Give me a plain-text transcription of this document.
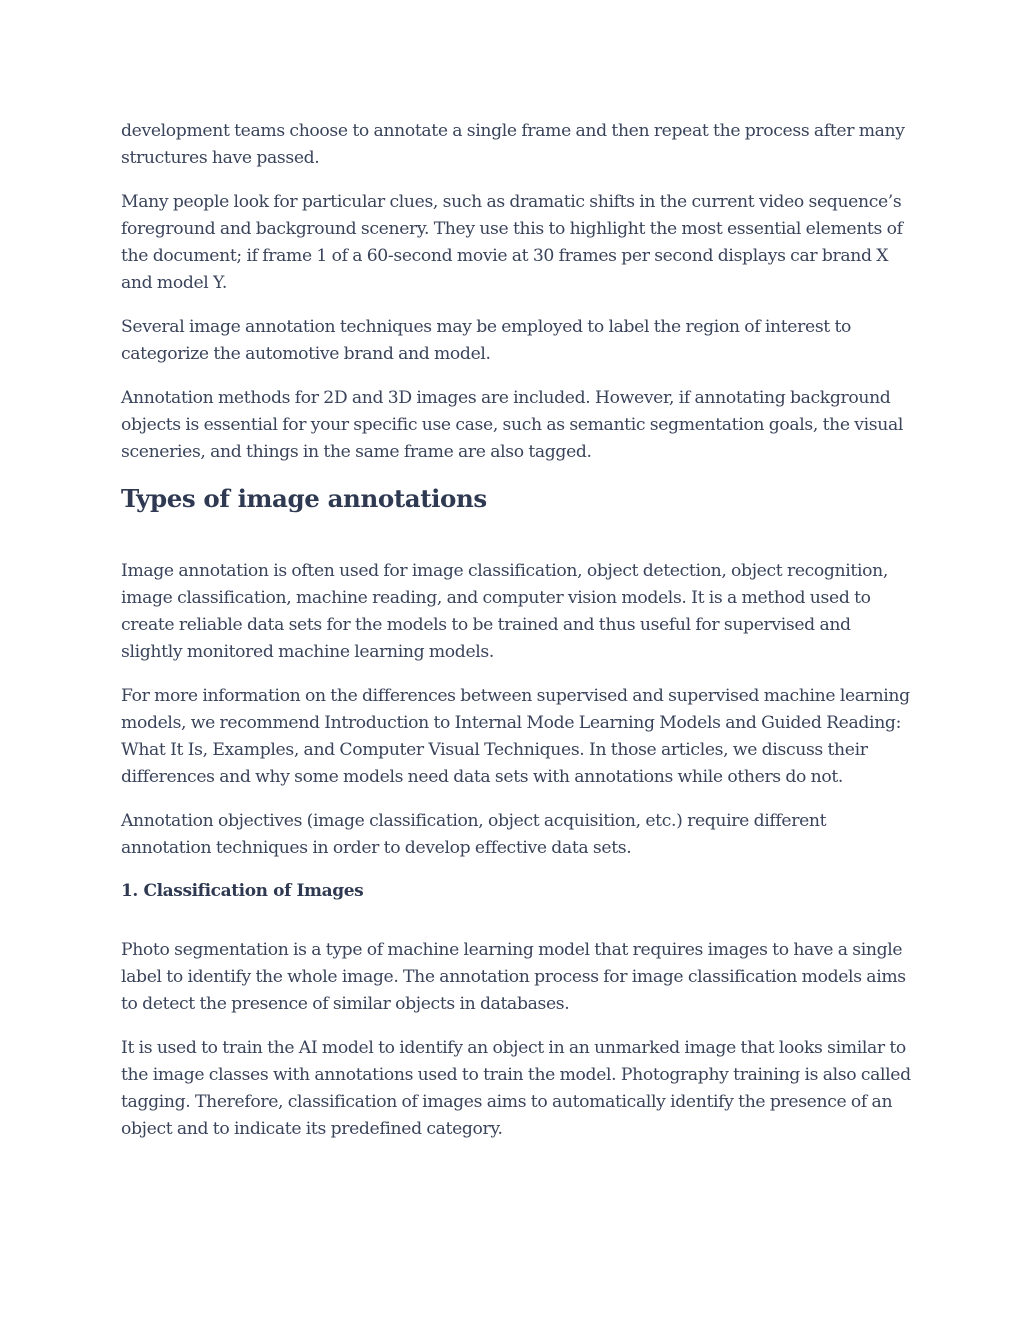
development teams choose to annotate a single frame and then repeat the process after many structures have passed.

Many people look for particular clues, such as dramatic shifts in the current video sequence’s foreground and background scenery. They use this to highlight the most essential elements of the document; if frame 1 of a 60-second movie at 30 frames per second displays car brand X and model Y.

Several image annotation techniques may be employed to label the region of interest to categorize the automotive brand and model.

Annotation methods for 2D and 3D images are included. However, if annotating background objects is essential for your specific use case, such as semantic segmentation goals, the visual sceneries, and things in the same frame are also tagged.

Types of image annotations

Image annotation is often used for image classification, object detection, object recognition, image classification, machine reading, and computer vision models. It is a method used to create reliable data sets for the models to be trained and thus useful for supervised and slightly monitored machine learning models.

For more information on the differences between supervised and supervised machine learning models, we recommend Introduction to Internal Mode Learning Models and Guided Reading: What It Is, Examples, and Computer Visual Techniques. In those articles, we discuss their differences and why some models need data sets with annotations while others do not.

Annotation objectives (image classification, object acquisition, etc.) require different annotation techniques in order to develop effective data sets.

1. Classification of Images

Photo segmentation is a type of machine learning model that requires images to have a single label to identify the whole image. The annotation process for image classification models aims to detect the presence of similar objects in databases.

It is used to train the AI model to identify an object in an unmarked image that looks similar to the image classes with annotations used to train the model. Photography training is also called tagging. Therefore, classification of images aims to automatically identify the presence of an object and to indicate its predefined category.
